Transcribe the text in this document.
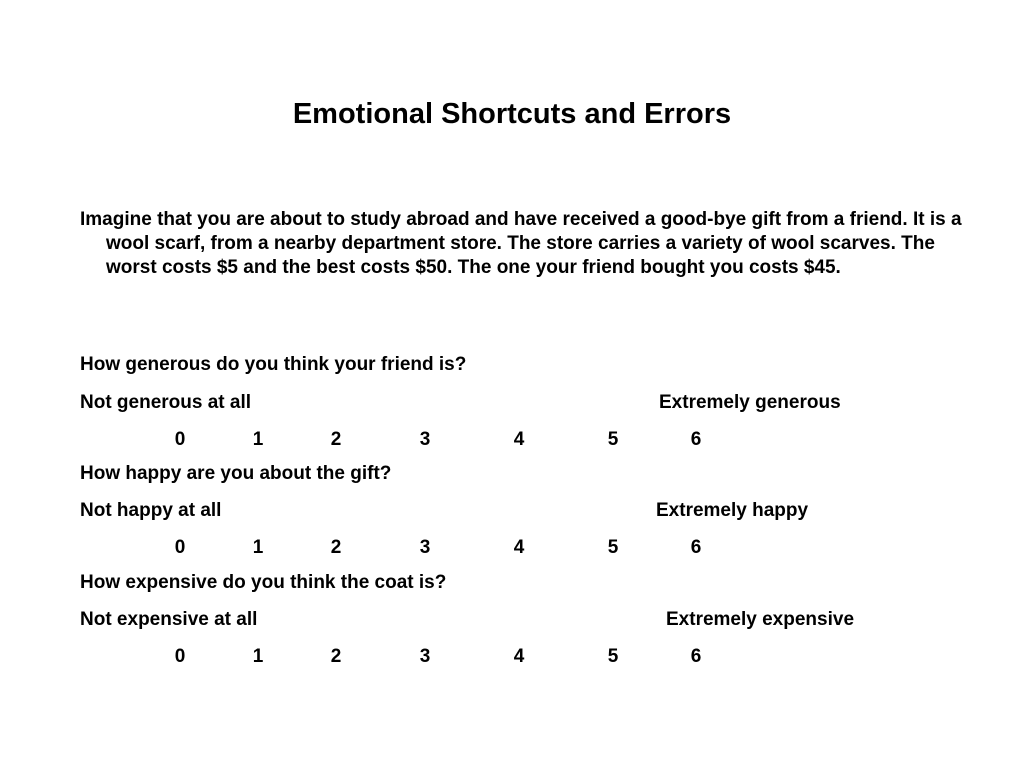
Emotional Shortcuts and Errors

Imagine that you are about to study abroad and have received a good-bye gift from a friend. It is a wool scarf, from a nearby department store. The store carries a variety of wool scarves. The worst costs $5 and the best costs $50. The one your friend bought you costs $45.

How generous do you think your friend is?
Not generous at all	Extremely generous
0	1	2	3	4	5	6
How happy are you about the gift?
Not happy at all	Extremely happy
0	1	2	3	4	5	6
How expensive do you think the coat is?
Not expensive at all	Extremely expensive
0	1	2	3	4	5	6
